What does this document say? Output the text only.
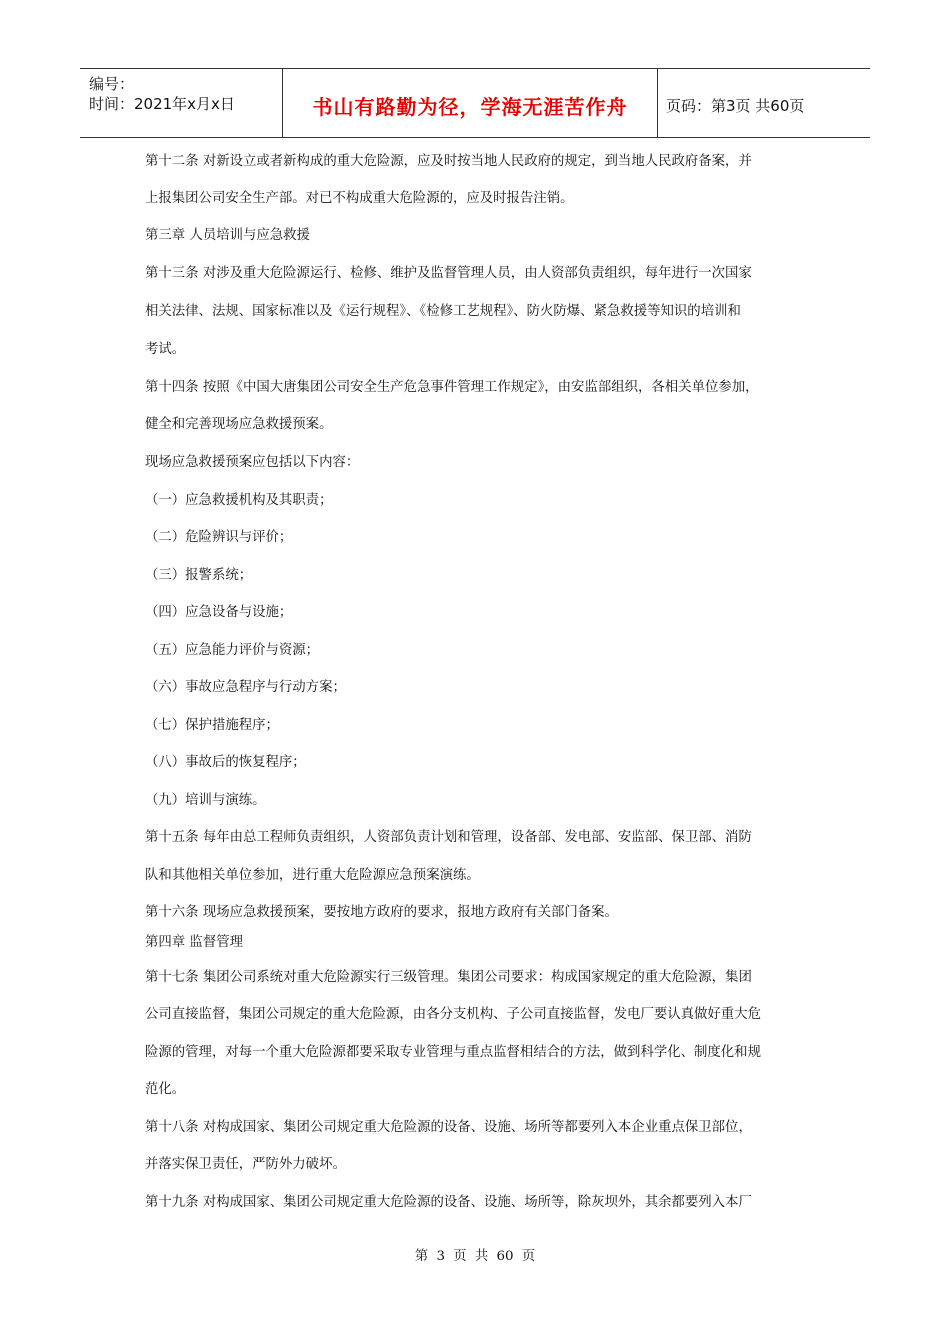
编号：
时间：2021年x月x日	书山有路勤为径，学海无涯苦作舟	页码：第3页 共60页

第十二条 对新设立或者新构成的重大危险源，应及时按当地人民政府的规定，到当地人民政府备案，并

上报集团公司安全生产部。对已不构成重大危险源的，应及时报告注销。

第三章 人员培训与应急救援

第十三条 对涉及重大危险源运行、检修、维护及监督管理人员，由人资部负责组织，每年进行一次国家

相关法律、法规、国家标准以及《运行规程》、《检修工艺规程》、防火防爆、紧急救援等知识的培训和

考试。

第十四条 按照《中国大唐集团公司安全生产危急事件管理工作规定》，由安监部组织，各相关单位参加，

健全和完善现场应急救援预案。

现场应急救援预案应包括以下内容：

（一）应急救援机构及其职责；

（二）危险辨识与评价；

（三）报警系统；

（四）应急设备与设施；

（五）应急能力评价与资源；

（六）事故应急程序与行动方案；

（七）保护措施程序；

（八）事故后的恢复程序；

（九）培训与演练。

第十五条 每年由总工程师负责组织，人资部负责计划和管理，设备部、发电部、安监部、保卫部、消防

队和其他相关单位参加，进行重大危险源应急预案演练。

第十六条 现场应急救援预案，要按地方政府的要求，报地方政府有关部门备案。

第四章 监督管理

第十七条 集团公司系统对重大危险源实行三级管理。集团公司要求：构成国家规定的重大危险源，集团

公司直接监督，集团公司规定的重大危险源，由各分支机构、子公司直接监督，发电厂要认真做好重大危

险源的管理，对每一个重大危险源都要采取专业管理与重点监督相结合的方法，做到科学化、制度化和规

范化。

第十八条 对构成国家、集团公司规定重大危险源的设备、设施、场所等都要列入本企业重点保卫部位，

并落实保卫责任，严防外力破坏。

第十九条 对构成国家、集团公司规定重大危险源的设备、设施、场所等，除灰坝外，其余都要列入本厂

第 3 页 共 60 页
